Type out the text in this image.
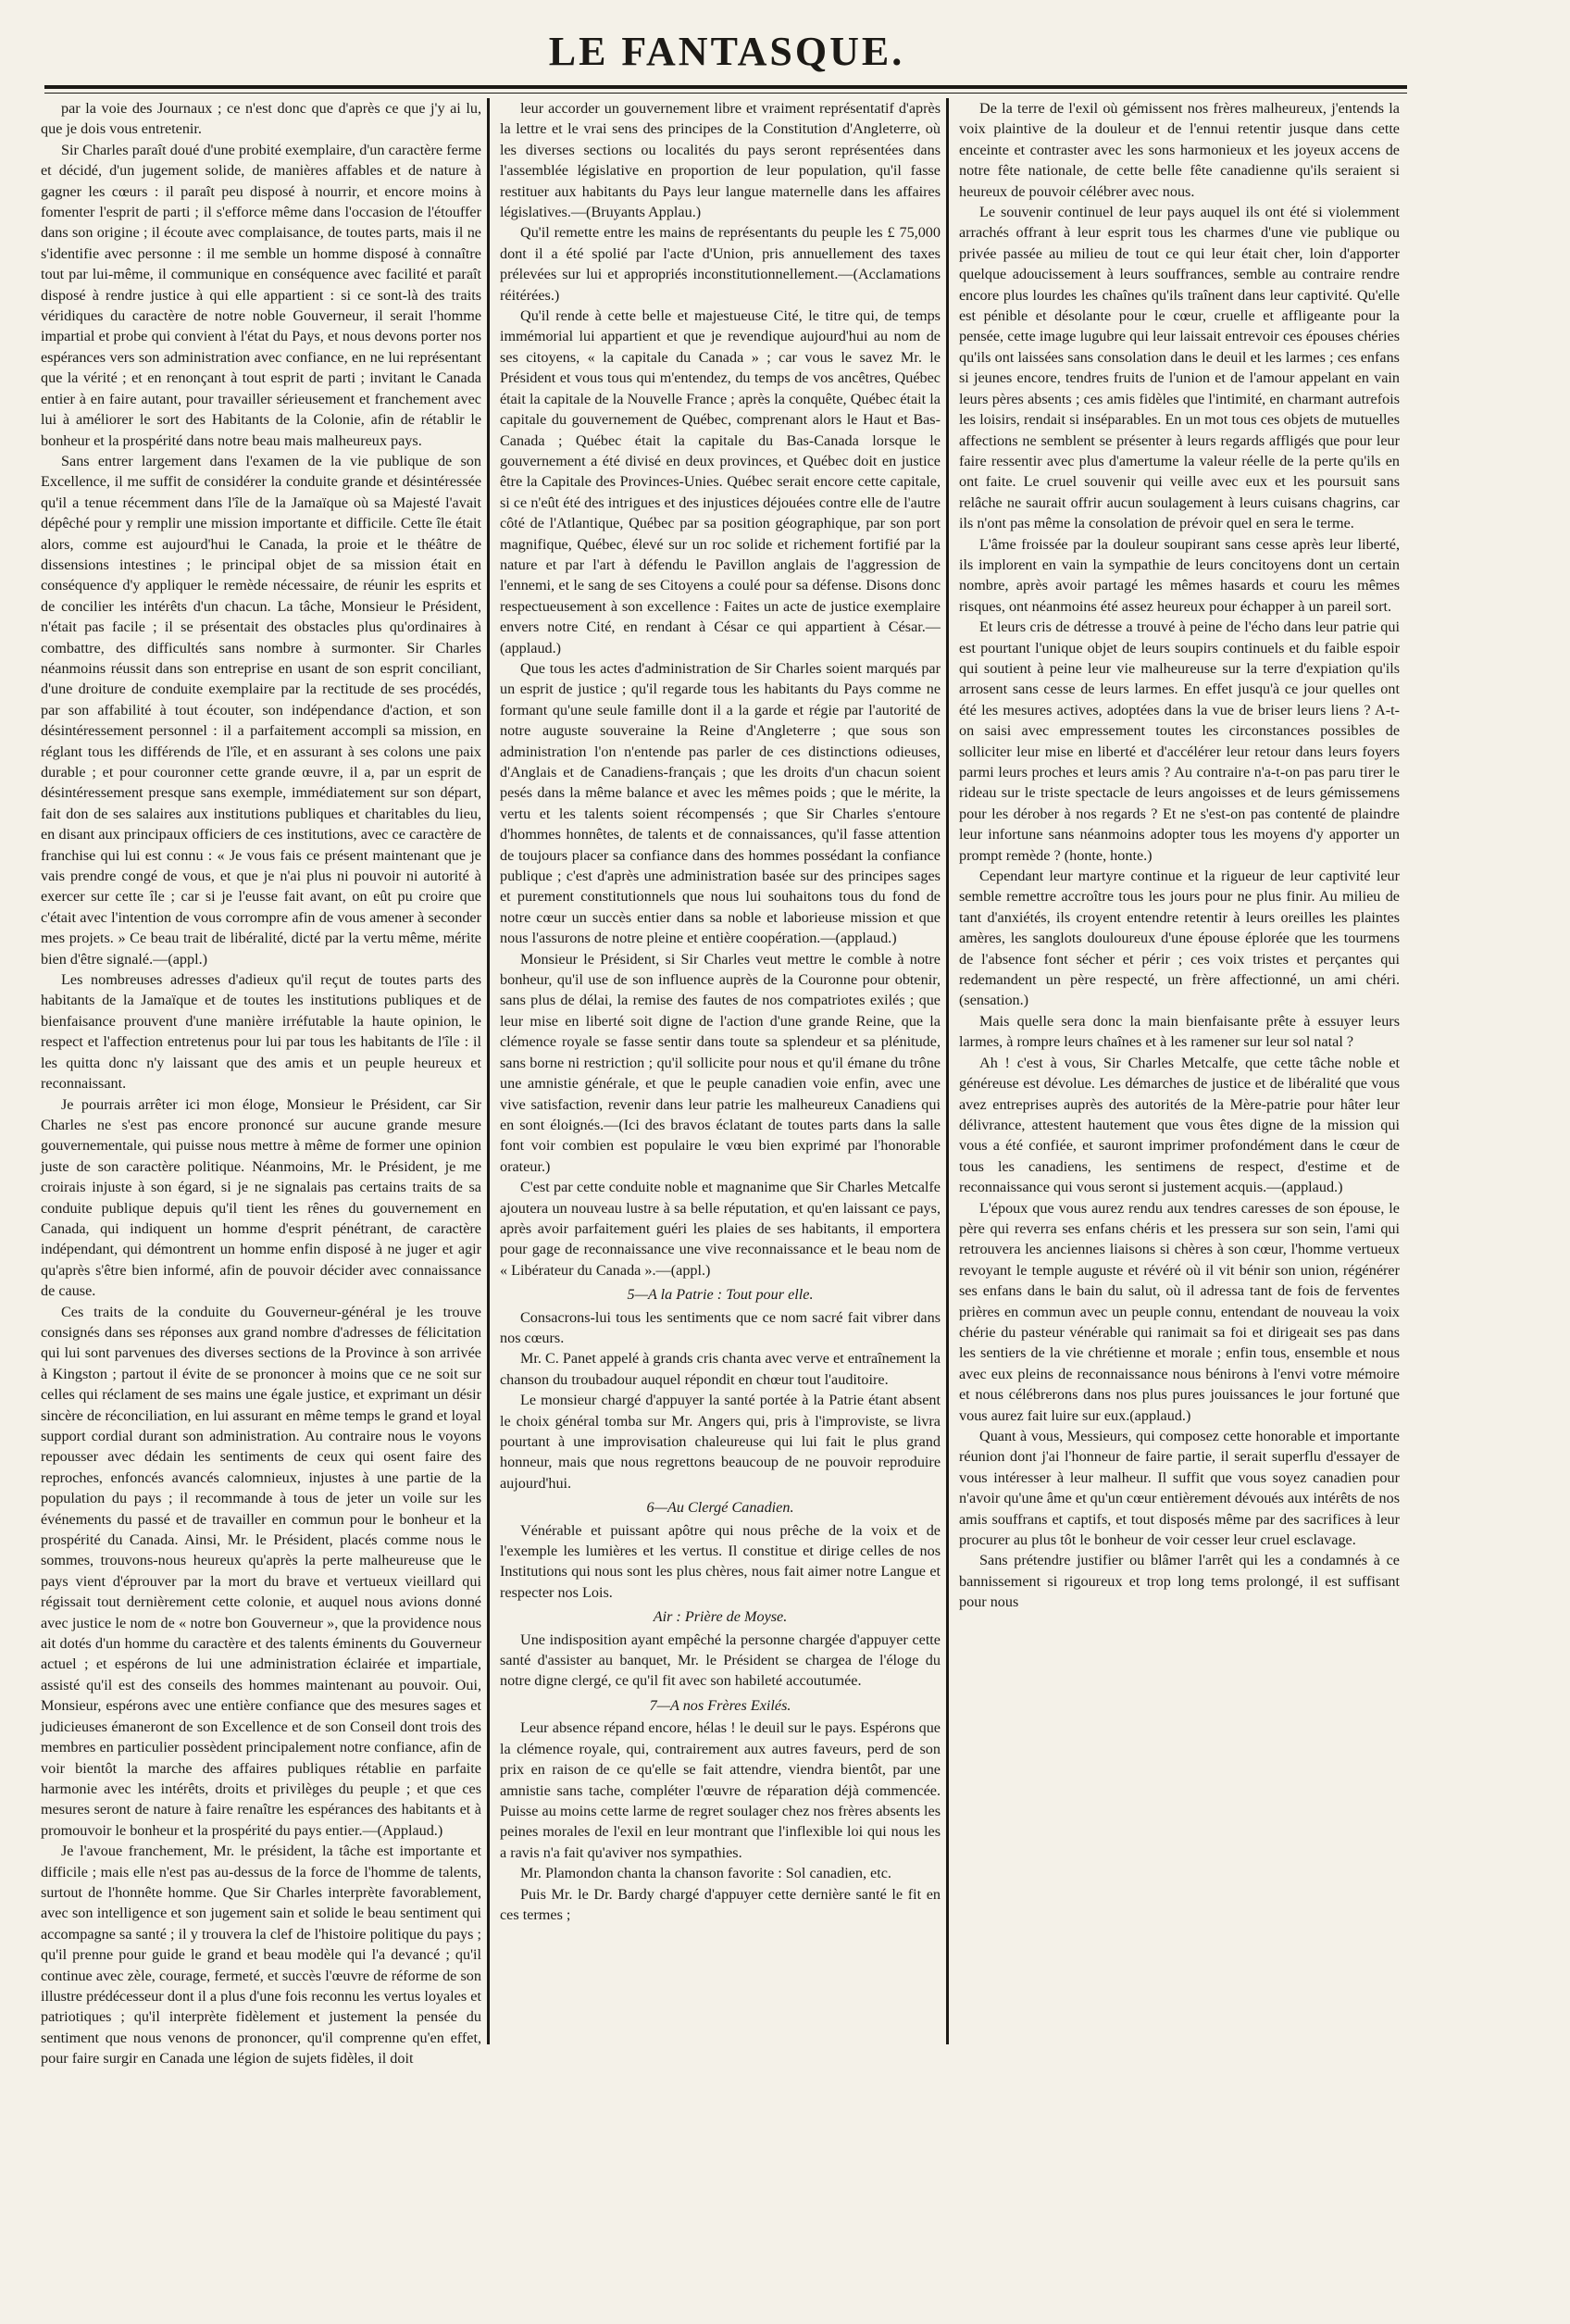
LE FANTASQUE.

par la voie des Journaux ; ce n'est donc que d'après ce que j'y ai lu, que je dois vous entretenir.

Sir Charles paraît doué d'une probité exemplaire, d'un caractère ferme et décidé, d'un jugement solide, de manières affables et de nature à gagner les cœurs : il paraît peu disposé à nourrir, et encore moins à fomenter l'esprit de parti ; il s'efforce même dans l'occasion de l'étouffer dans son origine ; il écoute avec complaisance, de toutes parts, mais il ne s'identifie avec personne : il me semble un homme disposé à connaître tout par lui-même, il communique en conséquence avec facilité et paraît disposé à rendre justice à qui elle appartient : si ce sont-là des traits véridiques du caractère de notre noble Gouverneur, il serait l'homme impartial et probe qui convient à l'état du Pays, et nous devons porter nos espérances vers son administration avec confiance, en ne lui représentant que la vérité ; et en renonçant à tout esprit de parti ; invitant le Canada entier à en faire autant, pour travailler sérieusement et franchement avec lui à améliorer le sort des Habitants de la Colonie, afin de rétablir le bonheur et la prospérité dans notre beau mais malheureux pays.

Sans entrer largement dans l'examen de la vie publique de son Excellence, il me suffit de considérer la conduite grande et désintéressée qu'il a tenue récemment dans l'île de la Jamaïque où sa Majesté l'avait dépêché pour y remplir une mission importante et difficile. Cette île était alors, comme est aujourd'hui le Canada, la proie et le théâtre de dissensions intestines ; le principal objet de sa mission était en conséquence d'y appliquer le remède nécessaire, de réunir les esprits et de concilier les intérêts d'un chacun. La tâche, Monsieur le Président, n'était pas facile ; il se présentait des obstacles plus qu'ordinaires à combattre, des difficultés sans nombre à surmonter. Sir Charles néanmoins réussit dans son entreprise en usant de son esprit conciliant, d'une droiture de conduite exemplaire par la rectitude de ses procédés, par son affabilité à tout écouter, son indépendance d'action, et son désintéressement personnel : il a parfaitement accompli sa mission, en réglant tous les différends de l'île, et en assurant à ses colons une paix durable ; et pour couronner cette grande œuvre, il a, par un esprit de désintéressement presque sans exemple, immédiatement sur son départ, fait don de ses salaires aux institutions publiques et charitables du lieu, en disant aux principaux officiers de ces institutions, avec ce caractère de franchise qui lui est connu : « Je vous fais ce présent maintenant que je vais prendre congé de vous, et que je n'ai plus ni pouvoir ni autorité à exercer sur cette île ; car si je l'eusse fait avant, on eût pu croire que c'était avec l'intention de vous corrompre afin de vous amener à seconder mes projets. » Ce beau trait de libéralité, dicté par la vertu même, mérite bien d'être signalé.—(appl.)

Les nombreuses adresses d'adieux qu'il reçut de toutes parts des habitants de la Jamaïque et de toutes les institutions publiques et de bienfaisance prouvent d'une manière irréfutable la haute opinion, le respect et l'affection entretenus pour lui par tous les habitants de l'île : il les quitta donc n'y laissant que des amis et un peuple heureux et reconnaissant.

Je pourrais arrêter ici mon éloge, Monsieur le Président, car Sir Charles ne s'est pas encore prononcé sur aucune grande mesure gouvernementale, qui puisse nous mettre à même de former une opinion juste de son caractère politique. Néanmoins, Mr. le Président, je me croirais injuste à son égard, si je ne signalais pas certains traits de sa conduite publique depuis qu'il tient les rênes du gouvernement en Canada, qui indiquent un homme d'esprit pénétrant, de caractère indépendant, qui démontrent un homme enfin disposé à ne juger et agir qu'après s'être bien informé, afin de pouvoir décider avec connaissance de cause.

Ces traits de la conduite du Gouverneur-général je les trouve consignés dans ses réponses aux grand nombre d'adresses de félicitation qui lui sont parvenues des diverses sections de la Province à son arrivée à Kingston ; partout il évite de se prononcer à moins que ce ne soit sur celles qui réclament de ses mains une égale justice, et exprimant un désir sincère de réconciliation, en lui assurant en même temps le grand et loyal support cordial durant son administration. Au contraire nous le voyons repousser avec dédain les sentiments de ceux qui osent faire des reproches, enfoncés avancés calomnieux, injustes à une partie de la population du pays ; il recommande à tous de jeter un voile sur les événements du passé et de travailler en commun pour le bonheur et la prospérité du Canada. Ainsi, Mr. le Président, placés comme nous le sommes, trouvons-nous heureux qu'après la perte malheureuse que le pays vient d'éprouver par la mort du brave et vertueux vieillard qui régissait tout dernièrement cette colonie, et auquel nous avions donné avec justice le nom de « notre bon Gouverneur », que la providence nous ait dotés d'un homme du caractère et des talents éminents du Gouverneur actuel ; et espérons de lui une administration éclairée et impartiale, assisté qu'il est des conseils des hommes maintenant au pouvoir. Oui, Monsieur, espérons avec une entière confiance que des mesures sages et judicieuses émaneront de son Excellence et de son Conseil dont trois des membres en particulier possèdent principalement notre confiance, afin de voir bientôt la marche des affaires publiques rétablie en parfaite harmonie avec les intérêts, droits et privilèges du peuple ; et que ces mesures seront de nature à faire renaître les espérances des habitants et à promouvoir le bonheur et la prospérité du pays entier.—(Applaud.)

Je l'avoue franchement, Mr. le président, la tâche est importante et difficile ; mais elle n'est pas au-dessus de la force de l'homme de talents, surtout de l'honnête homme. Que Sir Charles interprète favorablement, avec son intelligence et son jugement sain et solide le beau sentiment qui accompagne sa santé ; il y trouvera la clef de l'histoire politique du pays ; qu'il prenne pour guide le grand et beau modèle qui l'a devancé ; qu'il continue avec zèle, courage, fermeté, et succès l'œuvre de réforme de son illustre prédécesseur dont il a plus d'une fois reconnu les vertus loyales et patriotiques ; qu'il interprète fidèlement et justement la pensée du sentiment que nous venons de prononcer, qu'il comprenne qu'en effet, pour faire surgir en Canada une légion de sujets fidèles, il doit

leur accorder un gouvernement libre et vraiment représentatif d'après la lettre et le vrai sens des principes de la Constitution d'Angleterre, où les diverses sections ou localités du pays seront représentées dans l'assemblée législative en proportion de leur population, qu'il fasse restituer aux habitants du Pays leur langue maternelle dans les affaires législatives.—(Bruyants Applau.)

Qu'il remette entre les mains de représentants du peuple les £ 75,000 dont il a été spolié par l'acte d'Union, pris annuellement des taxes prélevées sur lui et appropriés inconstitutionnellement.—(Acclamations réitérées.)

Qu'il rende à cette belle et majestueuse Cité, le titre qui, de temps immémorial lui appartient et que je revendique aujourd'hui au nom de ses citoyens, « la capitale du Canada » ; car vous le savez Mr. le Président et vous tous qui m'entendez, du temps de vos ancêtres, Québec était la capitale de la Nouvelle France ; après la conquête, Québec était la capitale du gouvernement de Québec, comprenant alors le Haut et Bas-Canada ; Québec était la capitale du Bas-Canada lorsque le gouvernement a été divisé en deux provinces, et Québec doit en justice être la Capitale des Provinces-Unies. Québec serait encore cette capitale, si ce n'eût été des intrigues et des injustices déjouées contre elle de l'autre côté de l'Atlantique, Québec par sa position géographique, par son port magnifique, Québec, élevé sur un roc solide et richement fortifié par la nature et par l'art à défendu le Pavillon anglais de l'aggression de l'ennemi, et le sang de ses Citoyens a coulé pour sa défense. Disons donc respectueusement à son excellence : Faites un acte de justice exemplaire envers notre Cité, en rendant à César ce qui appartient à César.—(applaud.)

Que tous les actes d'administration de Sir Charles soient marqués par un esprit de justice ; qu'il regarde tous les habitants du Pays comme ne formant qu'une seule famille dont il a la garde et régie par l'autorité de notre auguste souveraine la Reine d'Angleterre ; que sous son administration l'on n'entende pas parler de ces distinctions odieuses, d'Anglais et de Canadiens-français ; que les droits d'un chacun soient pesés dans la même balance et avec les mêmes poids ; que le mérite, la vertu et les talents soient récompensés ; que Sir Charles s'entoure d'hommes honnêtes, de talents et de connaissances, qu'il fasse attention de toujours placer sa confiance dans des hommes possédant la confiance publique ; c'est d'après une administration basée sur des principes sages et purement constitutionnels que nous lui souhaitons tous du fond de notre cœur un succès entier dans sa noble et laborieuse mission et que nous l'assurons de notre pleine et entière coopération.—(applaud.)

Monsieur le Président, si Sir Charles veut mettre le comble à notre bonheur, qu'il use de son influence auprès de la Couronne pour obtenir, sans plus de délai, la remise des fautes de nos compatriotes exilés ; que leur mise en liberté soit digne de l'action d'une grande Reine, que la clémence royale se fasse sentir dans toute sa splendeur et sa plénitude, sans borne ni restriction ; qu'il sollicite pour nous et qu'il émane du trône une amnistie générale, et que le peuple canadien voie enfin, avec une vive satisfaction, revenir dans leur patrie les malheureux Canadiens qui en sont éloignés.—(Ici des bravos éclatant de toutes parts dans la salle font voir combien est populaire le vœu bien exprimé par l'honorable orateur.)

C'est par cette conduite noble et magnanime que Sir Charles Metcalfe ajoutera un nouveau lustre à sa belle réputation, et qu'en laissant ce pays, après avoir parfaitement guéri les plaies de ses habitants, il emportera pour gage de reconnaissance une vive reconnaissance et le beau nom de « Libérateur du Canada ».—(appl.)

5—A la Patrie : Tout pour elle.

Consacrons-lui tous les sentiments que ce nom sacré fait vibrer dans nos cœurs.

Mr. C. Panet appelé à grands cris chanta avec verve et entraînement la chanson du troubadour auquel répondit en chœur tout l'auditoire.

Le monsieur chargé d'appuyer la santé portée à la Patrie étant absent le choix général tomba sur Mr. Angers qui, pris à l'improviste, se livra pourtant à une improvisation chaleureuse qui lui fait le plus grand honneur, mais que nous regrettons beaucoup de ne pouvoir reproduire aujourd'hui.

6—Au Clergé Canadien.

Vénérable et puissant apôtre qui nous prêche de la voix et de l'exemple les lumières et les vertus. Il constitue et dirige celles de nos Institutions qui nous sont les plus chères, nous fait aimer notre Langue et respecter nos Lois.

Air : Prière de Moyse.

Une indisposition ayant empêché la personne chargée d'appuyer cette santé d'assister au banquet, Mr. le Président se chargea de l'éloge du notre digne clergé, ce qu'il fit avec son habileté accoutumée.

7—A nos Frères Exilés.

Leur absence répand encore, hélas ! le deuil sur le pays. Espérons que la clémence royale, qui, contrairement aux autres faveurs, perd de son prix en raison de ce qu'elle se fait attendre, viendra bientôt, par une amnistie sans tache, compléter l'œuvre de réparation déjà commencée. Puisse au moins cette larme de regret soulager chez nos frères absents les peines morales de l'exil en leur montrant que l'inflexible loi qui nous les a ravis n'a fait qu'aviver nos sympathies.

Mr. Plamondon chanta la chanson favorite : Sol canadien, etc.

Puis Mr. le Dr. Bardy chargé d'appuyer cette dernière santé le fit en ces termes ;

De la terre de l'exil où gémissent nos frères malheureux, j'entends la voix plaintive de la douleur et de l'ennui retentir jusque dans cette enceinte et contraster avec les sons harmonieux et les joyeux accens de notre fête nationale, de cette belle fête canadienne qu'ils seraient si heureux de pouvoir célébrer avec nous.

Le souvenir continuel de leur pays auquel ils ont été si violemment arrachés offrant à leur esprit tous les charmes d'une vie publique ou privée passée au milieu de tout ce qui leur était cher, loin d'apporter quelque adoucissement à leurs souffrances, semble au contraire rendre encore plus lourdes les chaînes qu'ils traînent dans leur captivité. Qu'elle est pénible et désolante pour le cœur, cruelle et affligeante pour la pensée, cette image lugubre qui leur laissait entrevoir ces épouses chéries qu'ils ont laissées sans consolation dans le deuil et les larmes ; ces enfans si jeunes encore, tendres fruits de l'union et de l'amour appelant en vain leurs pères absents ; ces amis fidèles que l'intimité, en charmant autrefois les loisirs, rendait si inséparables. En un mot tous ces objets de mutuelles affections ne semblent se présenter à leurs regards affligés que pour leur faire ressentir avec plus d'amertume la valeur réelle de la perte qu'ils en ont faite. Le cruel souvenir qui veille avec eux et les poursuit sans relâche ne saurait offrir aucun soulagement à leurs cuisans chagrins, car ils n'ont pas même la consolation de prévoir quel en sera le terme.

L'âme froissée par la douleur soupirant sans cesse après leur liberté, ils implorent en vain la sympathie de leurs concitoyens dont un certain nombre, après avoir partagé les mêmes hasards et couru les mêmes risques, ont néanmoins été assez heureux pour échapper à un pareil sort.

Et leurs cris de détresse a trouvé à peine de l'écho dans leur patrie qui est pourtant l'unique objet de leurs soupirs continuels et du faible espoir qui soutient à peine leur vie malheureuse sur la terre d'expiation qu'ils arrosent sans cesse de leurs larmes. En effet jusqu'à ce jour quelles ont été les mesures actives, adoptées dans la vue de briser leurs liens ? A-t-on saisi avec empressement toutes les circonstances possibles de solliciter leur mise en liberté et d'accélérer leur retour dans leurs foyers parmi leurs proches et leurs amis ? Au contraire n'a-t-on pas paru tirer le rideau sur le triste spectacle de leurs angoisses et de leurs gémissemens pour les dérober à nos regards ? Et ne s'est-on pas contenté de plaindre leur infortune sans néanmoins adopter tous les moyens d'y apporter un prompt remède ? (honte, honte.)

Cependant leur martyre continue et la rigueur de leur captivité leur semble remettre accroître tous les jours pour ne plus finir. Au milieu de tant d'anxiétés, ils croyent entendre retentir à leurs oreilles les plaintes amères, les sanglots douloureux d'une épouse éplorée que les tourmens de l'absence font sécher et périr ; ces voix tristes et perçantes qui redemandent un père respecté, un frère affectionné, un ami chéri.(sensation.)

Mais quelle sera donc la main bienfaisante prête à essuyer leurs larmes, à rompre leurs chaînes et à les ramener sur leur sol natal ?

Ah ! c'est à vous, Sir Charles Metcalfe, que cette tâche noble et généreuse est dévolue. Les démarches de justice et de libéralité que vous avez entreprises auprès des autorités de la Mère-patrie pour hâter leur délivrance, attestent hautement que vous êtes digne de la mission qui vous a été confiée, et sauront imprimer profondément dans le cœur de tous les canadiens, les sentimens de respect, d'estime et de reconnaissance qui vous seront si justement acquis.—(applaud.)

L'époux que vous aurez rendu aux tendres caresses de son épouse, le père qui reverra ses enfans chéris et les pressera sur son sein, l'ami qui retrouvera les anciennes liaisons si chères à son cœur, l'homme vertueux revoyant le temple auguste et révéré où il vit bénir son union, régénérer ses enfans dans le bain du salut, où il adressa tant de fois de ferventes prières en commun avec un peuple connu, entendant de nouveau la voix chérie du pasteur vénérable qui ranimait sa foi et dirigeait ses pas dans les sentiers de la vie chrétienne et morale ; enfin tous, ensemble et nous avec eux pleins de reconnaissance nous bénirons à l'envi votre mémoire et nous célébrerons dans nos plus pures jouissances le jour fortuné que vous aurez fait luire sur eux.(applaud.)

Quant à vous, Messieurs, qui composez cette honorable et importante réunion dont j'ai l'honneur de faire partie, il serait superflu d'essayer de vous intéresser à leur malheur. Il suffit que vous soyez canadien pour n'avoir qu'une âme et qu'un cœur entièrement dévoués aux intérêts de nos amis souffrans et captifs, et tout disposés même par des sacrifices à leur procurer au plus tôt le bonheur de voir cesser leur cruel esclavage.

Sans prétendre justifier ou blâmer l'arrêt qui les a condamnés à ce bannissement si rigoureux et trop long tems prolongé, il est suffisant pour nous
